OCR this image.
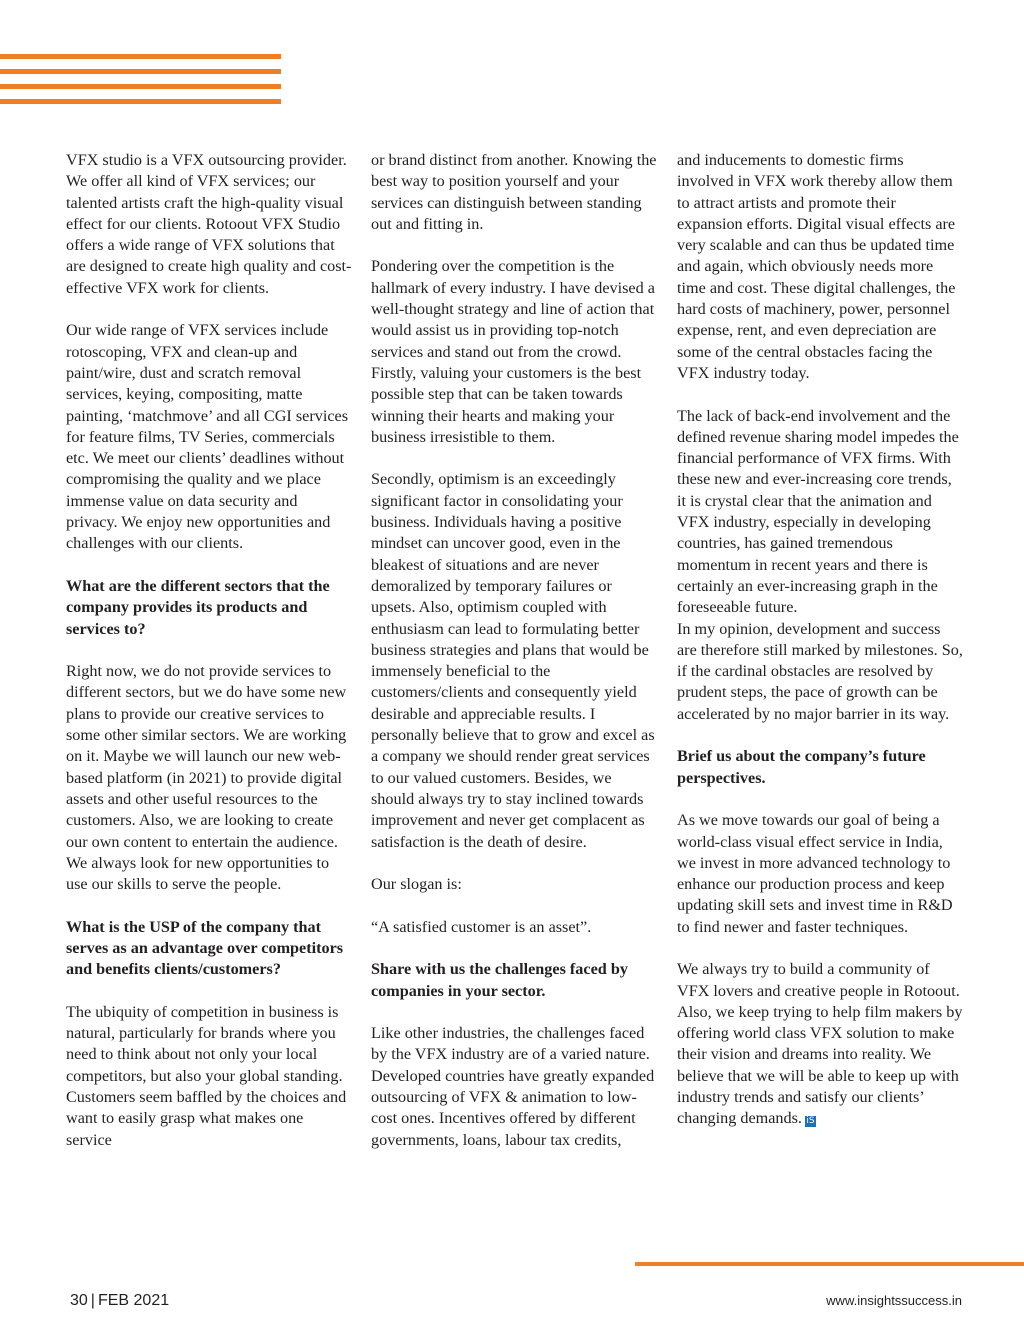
VFX studio is a VFX outsourcing provider. We offer all kind of VFX services; our talented artists craft the high-quality visual effect for our clients. Rotoout VFX Studio offers a wide range of VFX solutions that are designed to create high quality and cost-effective VFX work for clients.

Our wide range of VFX services include rotoscoping, VFX and clean-up and paint/wire, dust and scratch removal services, keying, compositing, matte painting, ‘matchmove’ and all CGI services for feature films, TV Series, commercials etc. We meet our clients’ deadlines without compromising the quality and we place immense value on data security and privacy. We enjoy new opportunities and challenges with our clients.

What are the different sectors that the company provides its products and services to?

Right now, we do not provide services to different sectors, but we do have some new plans to provide our creative services to some other similar sectors. We are working on it. Maybe we will launch our new web-based platform (in 2021) to provide digital assets and other useful resources to the customers. Also, we are looking to create our own content to entertain the audience. We always look for new opportunities to use our skills to serve the people.

What is the USP of the company that serves as an advantage over competitors and benefits clients/customers?

The ubiquity of competition in business is natural, particularly for brands where you need to think about not only your local competitors, but also your global standing. Customers seem baffled by the choices and want to easily grasp what makes one service

or brand distinct from another. Knowing the best way to position yourself and your services can distinguish between standing out and fitting in.

Pondering over the competition is the hallmark of every industry. I have devised a well-thought strategy and line of action that would assist us in providing top-notch services and stand out from the crowd. Firstly, valuing your customers is the best possible step that can be taken towards winning their hearts and making your business irresistible to them.

Secondly, optimism is an exceedingly significant factor in consolidating your business. Individuals having a positive mindset can uncover good, even in the bleakest of situations and are never demoralized by temporary failures or upsets. Also, optimism coupled with enthusiasm can lead to formulating better business strategies and plans that would be immensely beneficial to the customers/clients and consequently yield desirable and appreciable results. I personally believe that to grow and excel as a company we should render great services to our valued customers. Besides, we should always try to stay inclined towards improvement and never get complacent as satisfaction is the death of desire.

Our slogan is:

“A satisfied customer is an asset”.

Share with us the challenges faced by companies in your sector.

Like other industries, the challenges faced by the VFX industry are of a varied nature. Developed countries have greatly expanded outsourcing of VFX & animation to low-cost ones. Incentives offered by different governments, loans, labour tax credits,

and inducements to domestic firms involved in VFX work thereby allow them to attract artists and promote their expansion efforts. Digital visual effects are very scalable and can thus be updated time and again, which obviously needs more time and cost. These digital challenges, the hard costs of machinery, power, personnel expense, rent, and even depreciation are some of the central obstacles facing the VFX industry today.

The lack of back-end involvement and the defined revenue sharing model impedes the financial performance of VFX firms. With these new and ever-increasing core trends, it is crystal clear that the animation and VFX industry, especially in developing countries, has gained tremendous momentum in recent years and there is certainly an ever-increasing graph in the foreseeable future.

In my opinion, development and success are therefore still marked by milestones. So, if the cardinal obstacles are resolved by prudent steps, the pace of growth can be accelerated by no major barrier in its way.

Brief us about the company’s future perspectives.

As we move towards our goal of being a world-class visual effect service in India, we invest in more advanced technology to enhance our production process and keep updating skill sets and invest time in R&D to find newer and faster techniques.

We always try to build a community of VFX lovers and creative people in Rotoout. Also, we keep trying to help film makers by offering world class VFX solution to make their vision and dreams into reality. We believe that we will be able to keep up with industry trends and satisfy our clients’ changing demands. iS

30 | FEB 2021	www.insightssuccess.in
